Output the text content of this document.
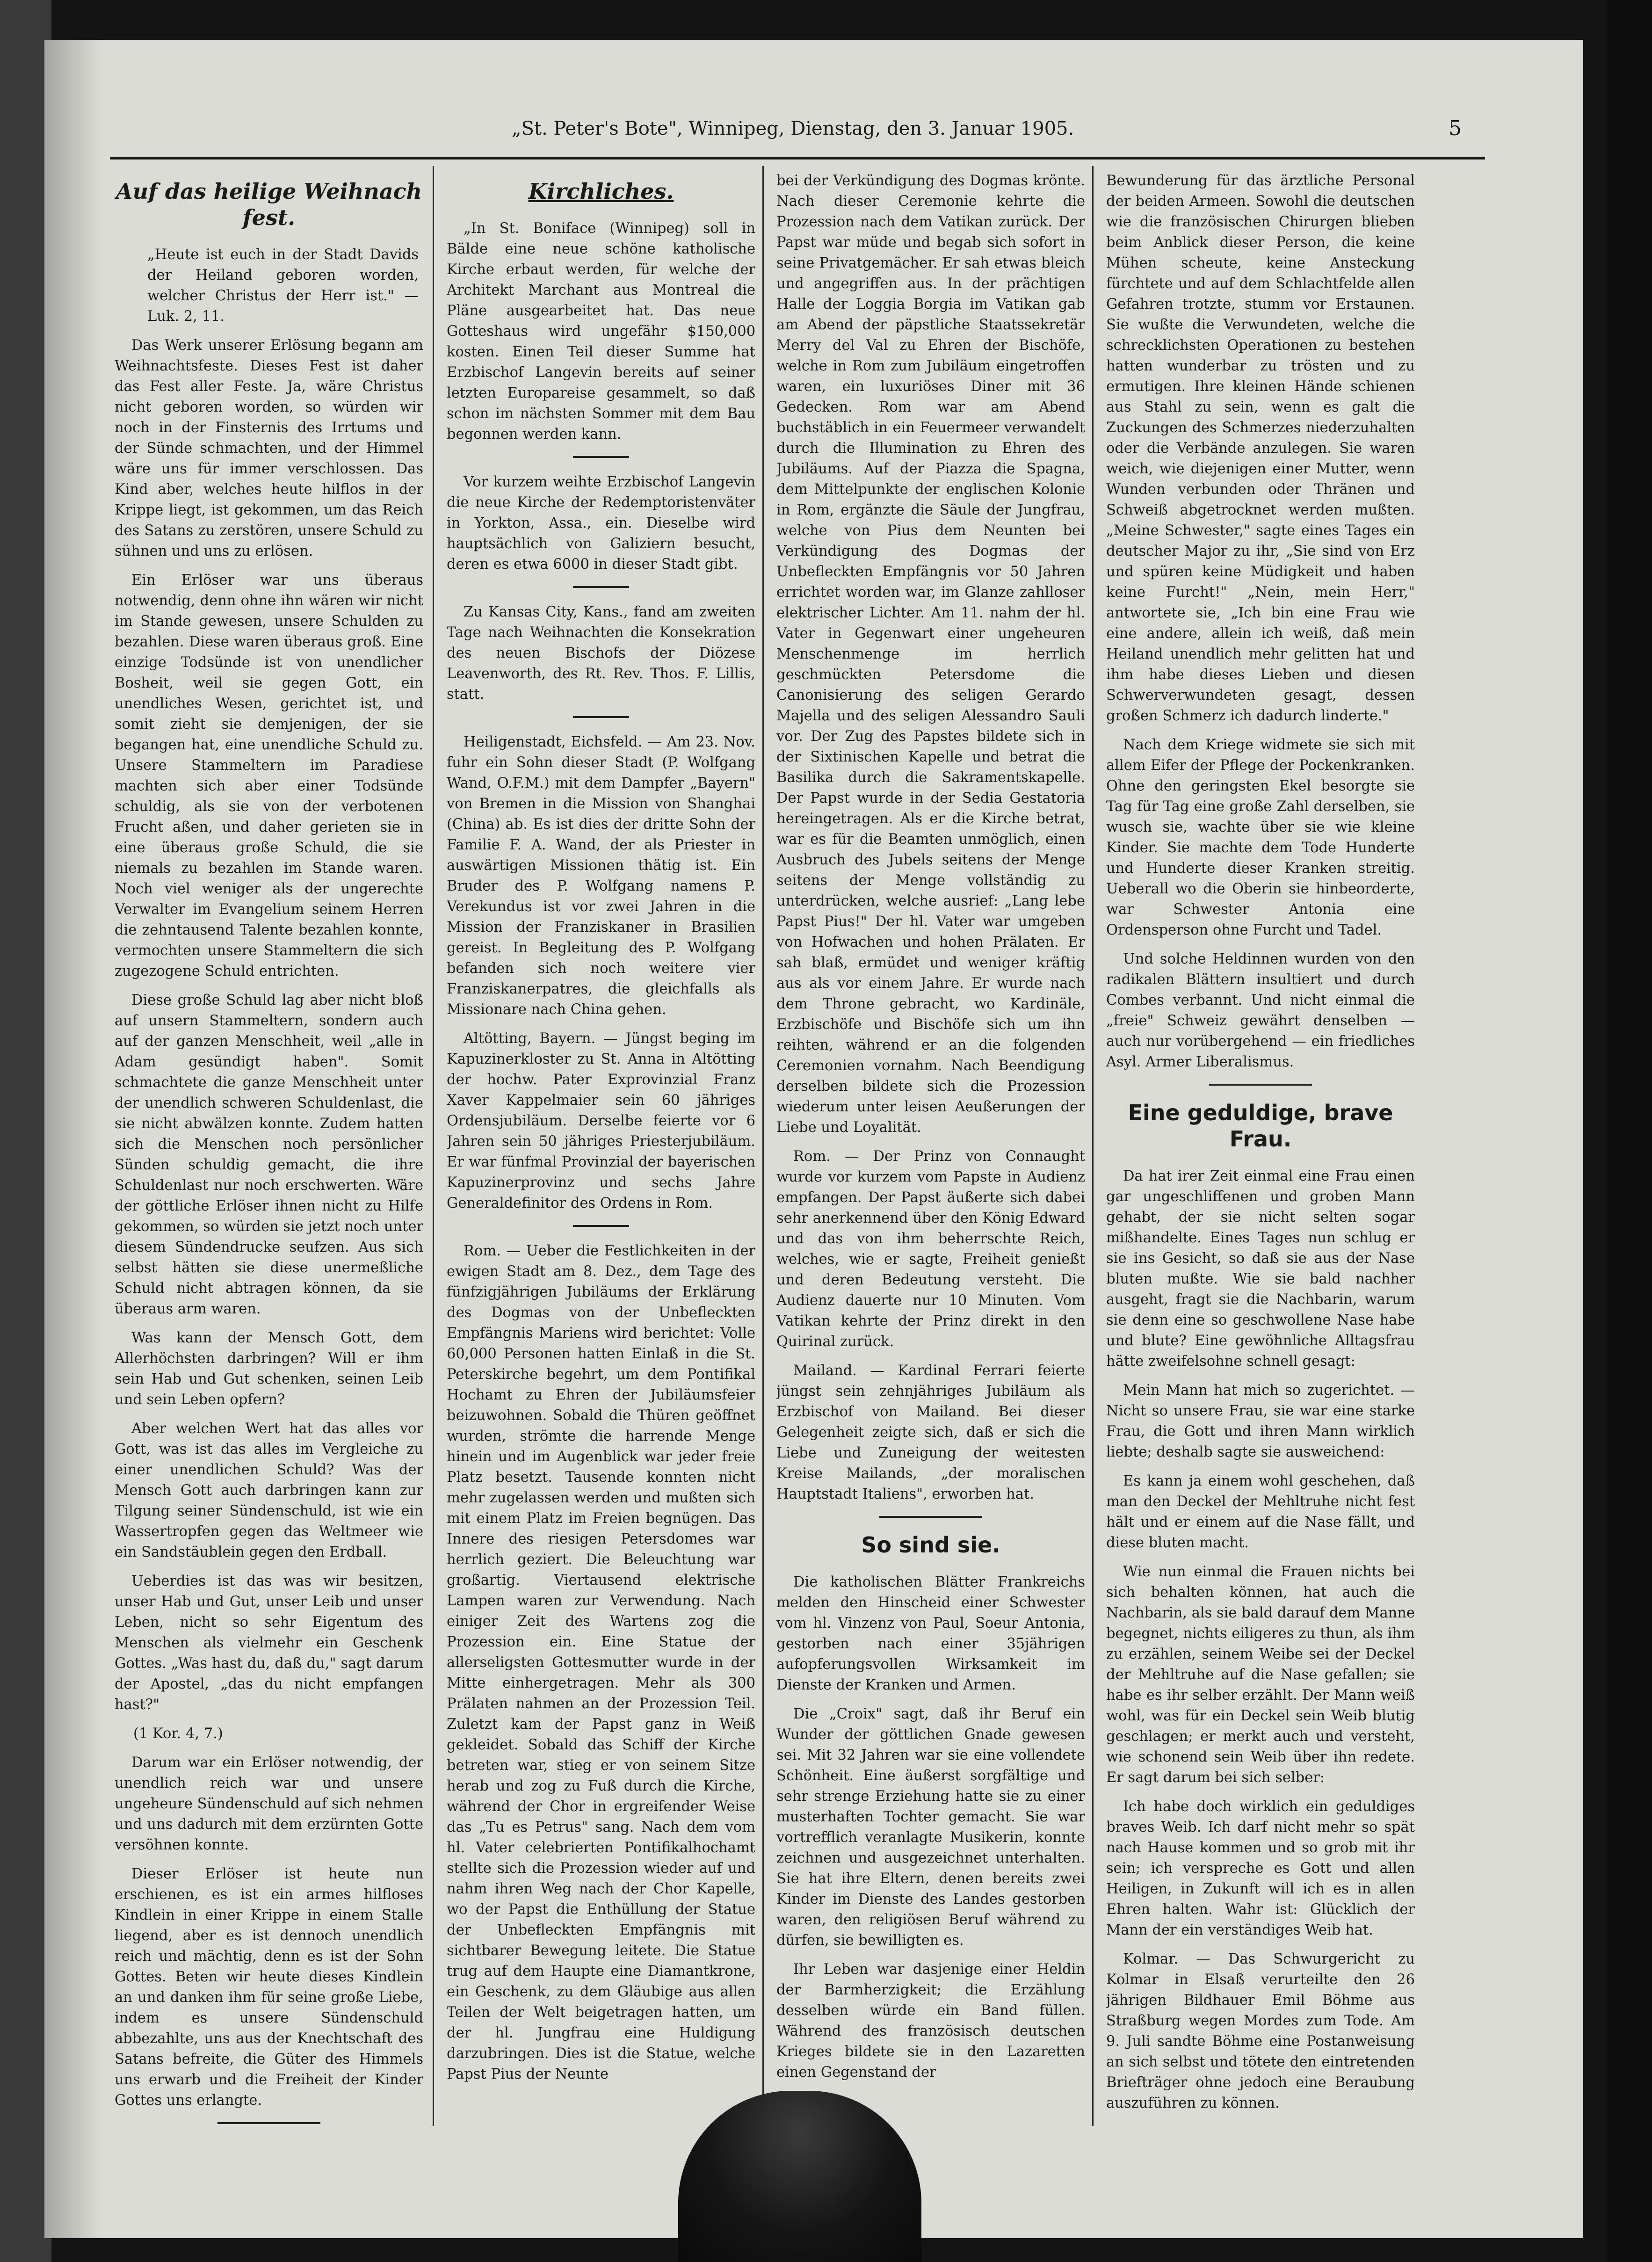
„St. Peter's Bote", Winnipeg, Dienstag, den 3. Januar 1905.	5
Auf das heilige Weihnach fest.

„Heute ist euch in der Stadt Davids der Heiland geboren worden, welcher Christus der Herr ist." — Luk. 2, 11.

Das Werk unserer Erlösung begann am Weihnachtsfeste. Dieses Fest ist daher das Fest aller Feste. Ja, wäre Christus nicht geboren worden, so würden wir noch in der Finsternis des Irrtums und der Sünde schmachten, und der Himmel wäre uns für immer verschlossen. Das Kind aber, welches heute hilflos in der Krippe liegt, ist gekommen, um das Reich des Satans zu zerstören, unsere Schuld zu sühnen und uns zu erlösen.

Ein Erlöser war uns überaus notwendig, denn ohne ihn wären wir nicht im Stande gewesen, unsere Schulden zu bezahlen. Diese waren überaus groß. Eine einzige Todsünde ist von unendlicher Bosheit, weil sie gegen Gott, ein unendliches Wesen, gerichtet ist, und somit zieht sie demjenigen, der sie begangen hat, eine unendliche Schuld zu. Unsere Stammeltern im Paradiese machten sich aber einer Todsünde schuldig, als sie von der verbotenen Frucht aßen, und daher gerieten sie in eine überaus große Schuld, die sie niemals zu bezahlen im Stande waren. Noch viel weniger als der ungerechte Verwalter im Evangelium seinem Herren die zehntausend Talente bezahlen konnte, vermochten unsere Stammeltern die sich zugezogene Schuld entrichten.

Diese große Schuld lag aber nicht bloß auf unsern Stammeltern, sondern auch auf der ganzen Menschheit, weil „alle in Adam gesündigt haben". Somit schmachtete die ganze Menschheit unter der unendlich schweren Schuldenlast, die sie nicht abwälzen konnte. Zudem hatten sich die Menschen noch persönlicher Sünden schuldig gemacht, die ihre Schuldenlast nur noch erschwerten. Wäre der göttliche Erlöser ihnen nicht zu Hilfe gekommen, so würden sie jetzt noch unter diesem Sündendrucke seufzen. Aus sich selbst hätten sie diese unermeßliche Schuld nicht abtragen können, da sie überaus arm waren.

Was kann der Mensch Gott, dem Allerhöchsten darbringen? Will er ihm sein Hab und Gut schenken, seinen Leib und sein Leben opfern?

Aber welchen Wert hat das alles vor Gott, was ist das alles im Vergleiche zu einer unendlichen Schuld? Was der Mensch Gott auch darbringen kann zur Tilgung seiner Sündenschuld, ist wie ein Wassertropfen gegen das Weltmeer wie ein Sandstäublein gegen den Erdball.

Ueberdies ist das was wir besitzen, unser Hab und Gut, unser Leib und unser Leben, nicht so sehr Eigentum des Menschen als vielmehr ein Geschenk Gottes. „Was hast du, daß du," sagt darum der Apostel, „das du nicht empfangen hast?"

(1 Kor. 4, 7.)

Darum war ein Erlöser notwendig, der unendlich reich war und unsere ungeheure Sündenschuld auf sich nehmen und uns dadurch mit dem erzürnten Gotte versöhnen konnte.

Dieser Erlöser ist heute nun erschienen, es ist ein armes hilfloses Kindlein in einer Krippe in einem Stalle liegend, aber es ist dennoch unendlich reich und mächtig, denn es ist der Sohn Gottes. Beten wir heute dieses Kindlein an und danken ihm für seine große Liebe, indem es unsere Sündenschuld abbezahlte, uns aus der Knechtschaft des Satans befreite, die Güter des Himmels uns erwarb und die Freiheit der Kinder Gottes uns erlangte.

Kirchliches.

„In St. Boniface (Winnipeg) soll in Bälde eine neue schöne katholische Kirche erbaut werden, für welche der Architekt Marchant aus Montreal die Pläne ausgearbeitet hat. Das neue Gotteshaus wird ungefähr $150,000 kosten. Einen Teil dieser Summe hat Erzbischof Langevin bereits auf seiner letzten Europareise gesammelt, so daß schon im nächsten Sommer mit dem Bau begonnen werden kann.

Vor kurzem weihte Erzbischof Langevin die neue Kirche der Redemptoristenväter in Yorkton, Assa., ein. Dieselbe wird hauptsächlich von Galiziern besucht, deren es etwa 6000 in dieser Stadt gibt.

Zu Kansas City, Kans., fand am zweiten Tage nach Weihnachten die Konsekration des neuen Bischofs der Diözese Leavenworth, des Rt. Rev. Thos. F. Lillis, statt.

Heiligenstadt, Eichsfeld. — Am 23. Nov. fuhr ein Sohn dieser Stadt (P. Wolfgang Wand, O.F.M.) mit dem Dampfer „Bayern" von Bremen in die Mission von Shanghai (China) ab. Es ist dies der dritte Sohn der Familie F. A. Wand, der als Priester in auswärtigen Missionen thätig ist. Ein Bruder des P. Wolfgang namens P. Verekundus ist vor zwei Jahren in die Mission der Franziskaner in Brasilien gereist. In Begleitung des P. Wolfgang befanden sich noch weitere vier Franziskanerpatres, die gleichfalls als Missionare nach China gehen.

Altötting, Bayern. — Jüngst beging im Kapuzinerkloster zu St. Anna in Altötting der hochw. Pater Exprovinzial Franz Xaver Kappelmaier sein 60 jähriges Ordensjubiläum. Derselbe feierte vor 6 Jahren sein 50 jähriges Priesterjubiläum. Er war fünfmal Provinzial der bayerischen Kapuzinerprovinz und sechs Jahre Generaldefinitor des Ordens in Rom.

Rom. — Ueber die Festlichkeiten in der ewigen Stadt am 8. Dez., dem Tage des fünfzigjährigen Jubiläums der Erklärung des Dogmas von der Unbefleckten Empfängnis Mariens wird berichtet: Volle 60,000 Personen hatten Einlaß in die St. Peterskirche begehrt, um dem Pontifikal Hochamt zu Ehren der Jubiläumsfeier beizuwohnen. Sobald die Thüren geöffnet wurden, strömte die harrende Menge hinein und im Augenblick war jeder freie Platz besetzt. Tausende konnten nicht mehr zugelassen werden und mußten sich mit einem Platz im Freien begnügen. Das Innere des riesigen Petersdomes war herrlich geziert. Die Beleuchtung war großartig. Viertausend elektrische Lampen waren zur Verwendung. Nach einiger Zeit des Wartens zog die Prozession ein. Eine Statue der allerseligsten Gottesmutter wurde in der Mitte einhergetragen. Mehr als 300 Prälaten nahmen an der Prozession Teil. Zuletzt kam der Papst ganz in Weiß gekleidet. Sobald das Schiff der Kirche betreten war, stieg er von seinem Sitze herab und zog zu Fuß durch die Kirche, während der Chor in ergreifender Weise das „Tu es Petrus" sang. Nach dem vom hl. Vater celebrierten Pontifikalhochamt stellte sich die Prozession wieder auf und nahm ihren Weg nach der Chor Kapelle, wo der Papst die Enthüllung der Statue der Unbefleckten Empfängnis mit sichtbarer Bewegung leitete. Die Statue trug auf dem Haupte eine Diamantkrone, ein Geschenk, zu dem Gläubige aus allen Teilen der Welt beigetragen hatten, um der hl. Jungfrau eine Huldigung darzubringen. Dies ist die Statue, welche Papst Pius der Neunte

bei der Verkündigung des Dogmas krönte. Nach dieser Ceremonie kehrte die Prozession nach dem Vatikan zurück. Der Papst war müde und begab sich sofort in seine Privatgemächer. Er sah etwas bleich und angegriffen aus. In der prächtigen Halle der Loggia Borgia im Vatikan gab am Abend der päpstliche Staatssekretär Merry del Val zu Ehren der Bischöfe, welche in Rom zum Jubiläum eingetroffen waren, ein luxuriöses Diner mit 36 Gedecken. Rom war am Abend buchstäblich in ein Feuermeer verwandelt durch die Illumination zu Ehren des Jubiläums. Auf der Piazza die Spagna, dem Mittelpunkte der englischen Kolonie in Rom, ergänzte die Säule der Jungfrau, welche von Pius dem Neunten bei Verkündigung des Dogmas der Unbefleckten Empfängnis vor 50 Jahren errichtet worden war, im Glanze zahlloser elektrischer Lichter. Am 11. nahm der hl. Vater in Gegenwart einer ungeheuren Menschenmenge im herrlich geschmückten Petersdome die Canonisierung des seligen Gerardo Majella und des seligen Alessandro Sauli vor. Der Zug des Papstes bildete sich in der Sixtinischen Kapelle und betrat die Basilika durch die Sakramentskapelle. Der Papst wurde in der Sedia Gestatoria hereingetragen. Als er die Kirche betrat, war es für die Beamten unmöglich, einen Ausbruch des Jubels seitens der Menge seitens der Menge vollständig zu unterdrücken, welche ausrief: „Lang lebe Papst Pius!" Der hl. Vater war umgeben von Hofwachen und hohen Prälaten. Er sah blaß, ermüdet und weniger kräftig aus als vor einem Jahre. Er wurde nach dem Throne gebracht, wo Kardinäle, Erzbischöfe und Bischöfe sich um ihn reihten, während er an die folgenden Ceremonien vornahm. Nach Beendigung derselben bildete sich die Prozession wiederum unter leisen Aeußerungen der Liebe und Loyalität.

Rom. — Der Prinz von Connaught wurde vor kurzem vom Papste in Audienz empfangen. Der Papst äußerte sich dabei sehr anerkennend über den König Edward und das von ihm beherrschte Reich, welches, wie er sagte, Freiheit genießt und deren Bedeutung versteht. Die Audienz dauerte nur 10 Minuten. Vom Vatikan kehrte der Prinz direkt in den Quirinal zurück.

Mailand. — Kardinal Ferrari feierte jüngst sein zehnjähriges Jubiläum als Erzbischof von Mailand. Bei dieser Gelegenheit zeigte sich, daß er sich die Liebe und Zuneigung der weitesten Kreise Mailands, „der moralischen Hauptstadt Italiens", erworben hat.

So sind sie.

Die katholischen Blätter Frankreichs melden den Hinscheid einer Schwester vom hl. Vinzenz von Paul, Soeur Antonia, gestorben nach einer 35jährigen aufopferungsvollen Wirksamkeit im Dienste der Kranken und Armen.

Die „Croix" sagt, daß ihr Beruf ein Wunder der göttlichen Gnade gewesen sei. Mit 32 Jahren war sie eine vollendete Schönheit. Eine äußerst sorgfältige und sehr strenge Erziehung hatte sie zu einer musterhaften Tochter gemacht. Sie war vortrefflich veranlagte Musikerin, konnte zeichnen und ausgezeichnet unterhalten. Sie hat ihre Eltern, denen bereits zwei Kinder im Dienste des Landes gestorben waren, den religiösen Beruf während zu dürfen, sie bewilligten es.

Ihr Leben war dasjenige einer Heldin der Barmherzigkeit; die Erzählung desselben würde ein Band füllen. Während des französisch deutschen Krieges bildete sie in den Lazaretten einen Gegenstand der

Bewunderung für das ärztliche Personal der beiden Armeen. Sowohl die deutschen wie die französischen Chirurgen blieben beim Anblick dieser Person, die keine Mühen scheute, keine Ansteckung fürchtete und auf dem Schlachtfelde allen Gefahren trotzte, stumm vor Erstaunen. Sie wußte die Verwundeten, welche die schrecklichsten Operationen zu bestehen hatten wunderbar zu trösten und zu ermutigen. Ihre kleinen Hände schienen aus Stahl zu sein, wenn es galt die Zuckungen des Schmerzes niederzuhalten oder die Verbände anzulegen. Sie waren weich, wie diejenigen einer Mutter, wenn Wunden verbunden oder Thränen und Schweiß abgetrocknet werden mußten. „Meine Schwester," sagte eines Tages ein deutscher Major zu ihr, „Sie sind von Erz und spüren keine Müdigkeit und haben keine Furcht!" „Nein, mein Herr," antwortete sie, „Ich bin eine Frau wie eine andere, allein ich weiß, daß mein Heiland unendlich mehr gelitten hat und ihm habe dieses Lieben und diesen Schwerverwundeten gesagt, dessen großen Schmerz ich dadurch linderte."

Nach dem Kriege widmete sie sich mit allem Eifer der Pflege der Pockenkranken. Ohne den geringsten Ekel besorgte sie Tag für Tag eine große Zahl derselben, sie wusch sie, wachte über sie wie kleine Kinder. Sie machte dem Tode Hunderte und Hunderte dieser Kranken streitig. Ueberall wo die Oberin sie hinbeorderte, war Schwester Antonia eine Ordensperson ohne Furcht und Tadel.

Und solche Heldinnen wurden von den radikalen Blättern insultiert und durch Combes verbannt. Und nicht einmal die „freie" Schweiz gewährt denselben — auch nur vorübergehend — ein friedliches Asyl. Armer Liberalismus.

Eine geduldige, brave Frau.

Da hat irer Zeit einmal eine Frau einen gar ungeschliffenen und groben Mann gehabt, der sie nicht selten sogar mißhandelte. Eines Tages nun schlug er sie ins Gesicht, so daß sie aus der Nase bluten mußte. Wie sie bald nachher ausgeht, fragt sie die Nachbarin, warum sie denn eine so geschwollene Nase habe und blute? Eine gewöhnliche Alltagsfrau hätte zweifelsohne schnell gesagt:

Mein Mann hat mich so zugerichtet. — Nicht so unsere Frau, sie war eine starke Frau, die Gott und ihren Mann wirklich liebte; deshalb sagte sie ausweichend:

Es kann ja einem wohl geschehen, daß man den Deckel der Mehltruhe nicht fest hält und er einem auf die Nase fällt, und diese bluten macht.

Wie nun einmal die Frauen nichts bei sich behalten können, hat auch die Nachbarin, als sie bald darauf dem Manne begegnet, nichts eiligeres zu thun, als ihm zu erzählen, seinem Weibe sei der Deckel der Mehltruhe auf die Nase gefallen; sie habe es ihr selber erzählt. Der Mann weiß wohl, was für ein Deckel sein Weib blutig geschlagen; er merkt auch und versteht, wie schonend sein Weib über ihn redete. Er sagt darum bei sich selber:

Ich habe doch wirklich ein geduldiges braves Weib. Ich darf nicht mehr so spät nach Hause kommen und so grob mit ihr sein; ich verspreche es Gott und allen Heiligen, in Zukunft will ich es in allen Ehren halten. Wahr ist: Glücklich der Mann der ein verständiges Weib hat.

Kolmar. — Das Schwurgericht zu Kolmar in Elsaß verurteilte den 26 jährigen Bildhauer Emil Böhme aus Straßburg wegen Mordes zum Tode. Am 9. Juli sandte Böhme eine Postanweisung an sich selbst und tötete den eintretenden Briefträger ohne jedoch eine Beraubung auszuführen zu können.
